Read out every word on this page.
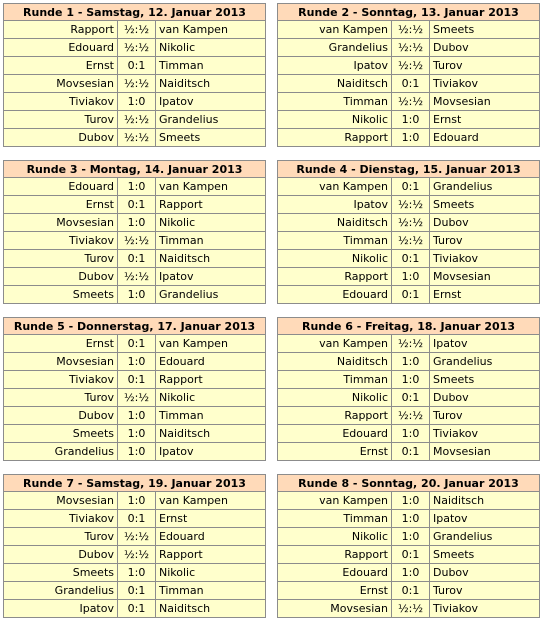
Runde 1 - Samstag, 12. Januar 2013		
Rapport	½:½	van Kampen
Edouard	½:½	Nikolic
Ernst	0:1	Timman
Movsesian	½:½	Naiditsch
Tiviakov	1:0	Ipatov
Turov	½:½	Grandelius
Dubov	½:½	Smeets
Runde 2 - Sonntag, 13. Januar 2013		
van Kampen	½:½	Smeets
Grandelius	½:½	Dubov
Ipatov	½:½	Turov
Naiditsch	0:1	Tiviakov
Timman	½:½	Movsesian
Nikolic	1:0	Ernst
Rapport	1:0	Edouard
Runde 3 - Montag, 14. Januar 2013		
Edouard	1:0	van Kampen
Ernst	0:1	Rapport
Movsesian	1:0	Nikolic
Tiviakov	½:½	Timman
Turov	0:1	Naiditsch
Dubov	½:½	Ipatov
Smeets	1:0	Grandelius
Runde 4 - Dienstag, 15. Januar 2013		
van Kampen	0:1	Grandelius
Ipatov	½:½	Smeets
Naiditsch	½:½	Dubov
Timman	½:½	Turov
Nikolic	0:1	Tiviakov
Rapport	1:0	Movsesian
Edouard	0:1	Ernst
Runde 5 - Donnerstag, 17. Januar 2013		
Ernst	0:1	van Kampen
Movsesian	1:0	Edouard
Tiviakov	0:1	Rapport
Turov	½:½	Nikolic
Dubov	1:0	Timman
Smeets	1:0	Naiditsch
Grandelius	1:0	Ipatov
Runde 6 - Freitag, 18. Januar 2013		
van Kampen	½:½	Ipatov
Naiditsch	1:0	Grandelius
Timman	1:0	Smeets
Nikolic	0:1	Dubov
Rapport	½:½	Turov
Edouard	1:0	Tiviakov
Ernst	0:1	Movsesian
Runde 7 - Samstag, 19. Januar 2013		
Movsesian	1:0	van Kampen
Tiviakov	0:1	Ernst
Turov	½:½	Edouard
Dubov	½:½	Rapport
Smeets	1:0	Nikolic
Grandelius	0:1	Timman
Ipatov	0:1	Naiditsch
Runde 8 - Sonntag, 20. Januar 2013		
van Kampen	1:0	Naiditsch
Timman	1:0	Ipatov
Nikolic	1:0	Grandelius
Rapport	0:1	Smeets
Edouard	1:0	Dubov
Ernst	0:1	Turov
Movsesian	½:½	Tiviakov
